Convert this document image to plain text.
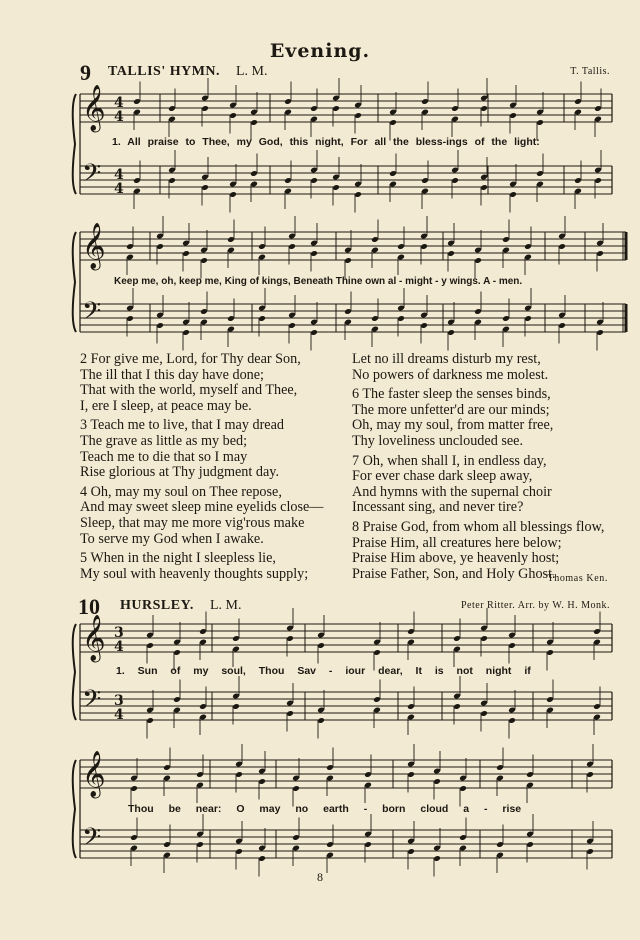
Evening.
9 TALLIS' HYMN. L. M.	T. Tallis.
𝄞
𝄢
4
4
4
4
𝄞
𝄢
𝄞
𝄢
3
4
3
4
𝄞
𝄢
1. All praise to Thee, my God, this night, For all the bless-ings of the light:
Keep me, oh, keep me, King of kings, Beneath Thine own al - might - y wings. A - men.
2 For give me, Lord, for Thy dear Son,
The ill that I this day have done;
That with the world, myself and Thee,
I, ere I sleep, at peace may be.
3 Teach me to live, that I may dread
The grave as little as my bed;
Teach me to die that so I may
Rise glorious at Thy judgment day.
4 Oh, may my soul on Thee repose,
And may sweet sleep mine eyelids close—
Sleep, that may me more vig'rous make
To serve my God when I awake.
5 When in the night I sleepless lie,
My soul with heavenly thoughts supply;
Let no ill dreams disturb my rest,
No powers of darkness me molest.
6 The faster sleep the senses binds,
The more unfetter'd are our minds;
Oh, may my soul, from matter free,
Thy loveliness unclouded see.
7 Oh, when shall I, in endless day,
For ever chase dark sleep away,
And hymns with the supernal choir
Incessant sing, and never tire?
8 Praise God, from whom all blessings flow,
Praise Him, all creatures here below;
Praise Him above, ye heavenly host;
Praise Father, Son, and Holy Ghost.
Thomas Ken.
10 HURSLEY. L. M.	Peter Ritter. Arr. by W. H. Monk.
1. Sun of my soul, Thou Sav - iour dear, It is not night if
Thou be near: O may no earth - born cloud a - rise
8
